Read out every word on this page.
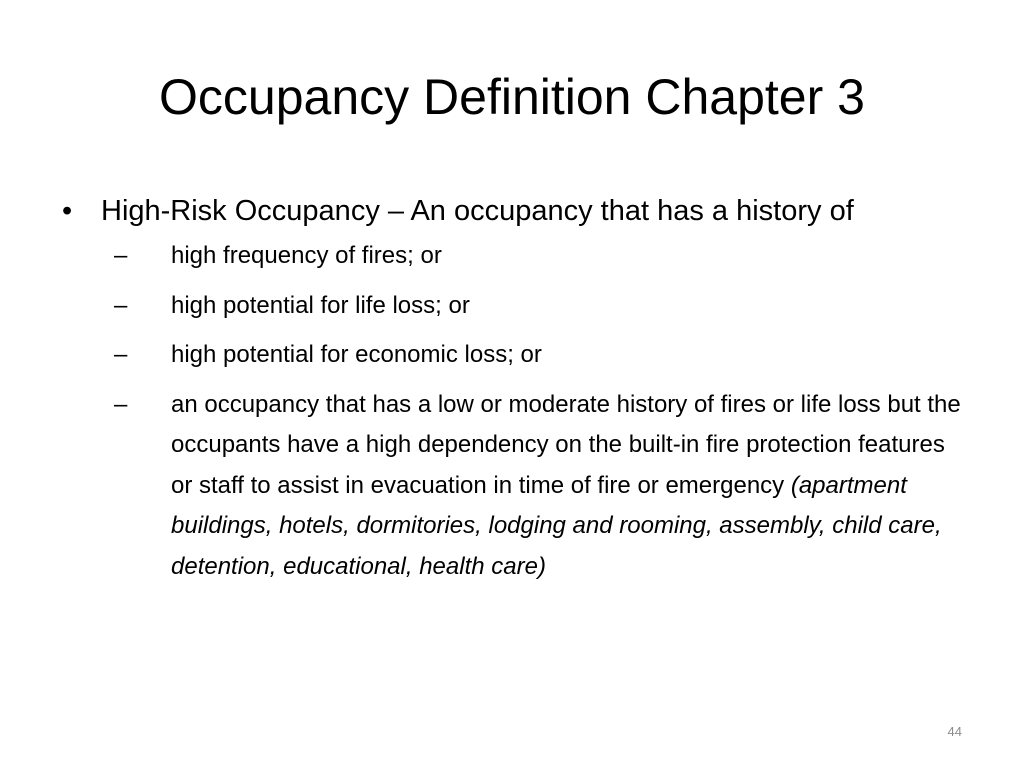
Occupancy Definition Chapter 3
• High-Risk Occupancy – An occupancy that has a history of
– high frequency of fires; or
– high potential for life loss; or
– high potential for economic loss; or
– an occupancy that has a low or moderate history of fires or life loss but the occupants have a high dependency on the built-in fire protection features or staff to assist in evacuation in time of fire or emergency (apartment buildings, hotels, dormitories, lodging and rooming, assembly, child care, detention, educational, health care)
44
